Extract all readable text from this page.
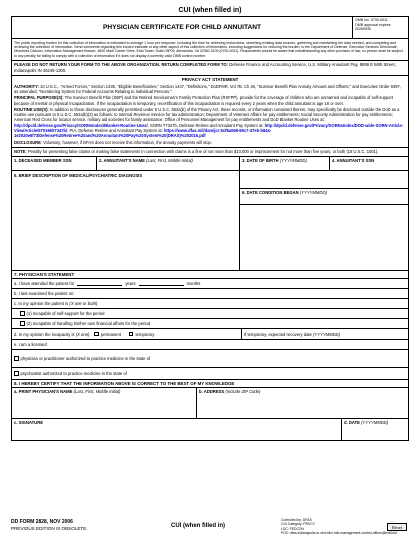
CUI (when filled in)
PHYSICIAN CERTIFICATE FOR CHILD ANNUITANT
OMB No. 0730-0011
OMB approval expires
20260930
The public reporting burden for this collection of information is estimated to average 1 hour per response, including the time for reviewing instructions, searching existing data sources, gathering and maintaining the data needed, and completing and reviewing the collection of information. Send comments regarding this burden estimate or any other aspect of this collection of information, including suggestions for reducing the burden, to the Department of Defense, Executive Services Directorate, Directives Division, Information Management Branch, 4800 Mark Center Drive, East Tower, Suite 03F09, Alexandria, VA 22350-3100 (0730-0011). Respondents should be aware that notwithstanding any other provision of law, no person shall be subject to any penalty for failing to comply with a collection of information if it does not display a currently valid OMB control number.
PLEASE DO NOT RETURN YOUR FORM TO THE ABOVE ORGANIZATION. RETURN COMPLETED FORM TO: Defense Finance and Accounting Service, U.S. Military Annuitant Pay, 8899 E 56th Street, Indianapolis IN 46249-1300.
PRIVACY ACT STATEMENT
AUTHORITY: 10 U.S.C., "Armed Forces," Section 1435, "Eligible Beneficiaries," Section 1447, "Definitions," DoDFMR, Vol 7B, Ch 46, "Survivor Benefit Plan Annuity Amount and Offsets," and Executive Order 9397, as amended, "Numbering System for Federal Accounts Relating to Individual Persons."
PRINCIPAL PURPOSE(S): The Survivor Benefit Plan (SBP) and the Retired Serviceman's Family Protection Plan (RSFPP), provide for the coverage of children who are unmarried and incapable of self-support because of mental or physical incapacitation. If the incapacitation is temporary, recertification of this incapacitation is required every 2 years when the child annuitant is age 18 or over.
ROUTINE USE(S): In addition to those disclosures generally permitted under 5 U.S.C. 552a(b) of the Privacy Act, these records, or information contained therein, may specifically be disclosed outside the DoD as a routine use pursuant to 5 U.S.C. 552a(b)(3) as follows: to Internal Revenue Service for tax administration; Department of Veterans Affairs for pay entitlements; Social Security Administration for pay entitlements; American Red Cross for locator service; military aid societies for family assistance; Office of Personnel Management for pay entitlements and DoD Blanket Routine Uses at: http://dpcld.defense.gov/Privacy/SORNsIndex/Blanket-Routine-Uses/. SORN T7347b, Defense Retiree and Annuitant Pay System at: http://dpcld.defense.gov/Privacy/SORNsIndex/DOD-wide-SORN-Article-View/Article/570196/t7347b/; PIA, Defense Retiree and Annuitant Pay System at: https://www.dfas.mil/dam/jcr:5cf8a068-69c7-47eb-b844-1e2020e6f73/Defense%20Retiree%20and%20Annuitant%20Pay%20System%20(DRAS)%202016.pdf
DISCLOSURE: Voluntary; however, if DFAS does not receive this information, the annuity payments will stop.
NOTE: Penalty for presenting false claims or making false statements in connection with claims is a fine of not more than $10,000 or imprisonment for not more than five years, or both (18 U.S.C. 1001).
1. DECEASED MEMBER SSN	2. ANNUITANT'S NAME (Last, First, Middle Initial)	3. DATE OF BIRTH (YYYYMMDD)	4. ANNUITANT'S SSN
5. BRIEF DESCRIPTION OF MEDICAL/PSYCHIATRIC DIAGNOSIS
6. DATE CONDITION BEGAN (YYYYMMDD)
7. PHYSICIAN'S STATEMENT
a. I have attended the patient for	years	months
b. I last examined the patient on:
c. In my opinion the patient is
(X one or both)
(1) Incapable of self-support for the period
(2) Incapable of handling his/her own financial affairs for the period
d. In my opinion the incapacity is
(X one)	permanent	temporary	If temporary, expected recovery date
(YYYYMMDD)
e. I am a licensed
physician or practitioner authorized to practice medicine in the state of
psychiatrist authorized to practice medicine in the state of
8. I HEREBY CERTIFY THAT THE INFORMATION ABOVE IS CORRECT TO THE BEST OF MY KNOWLEDGE
a. PRINT PHYSICIAN'S NAME (Last, First, Middle Initial)	b. ADDRESS (Include ZIP Code)
c. SIGNATURE	d. DATE (YYYYMMDD)
DD FORM 2828, NOV 2006
PREVIOUS EDITION IS OBSOLETE.	CUI (when filled in)
Controlled by: DFAS
CUI Category: PRVCY
LDC: FEDCON
POC: dfas.indianapolis-in.zed.mbx.info-management-control-officer@mail.mil
Reset
